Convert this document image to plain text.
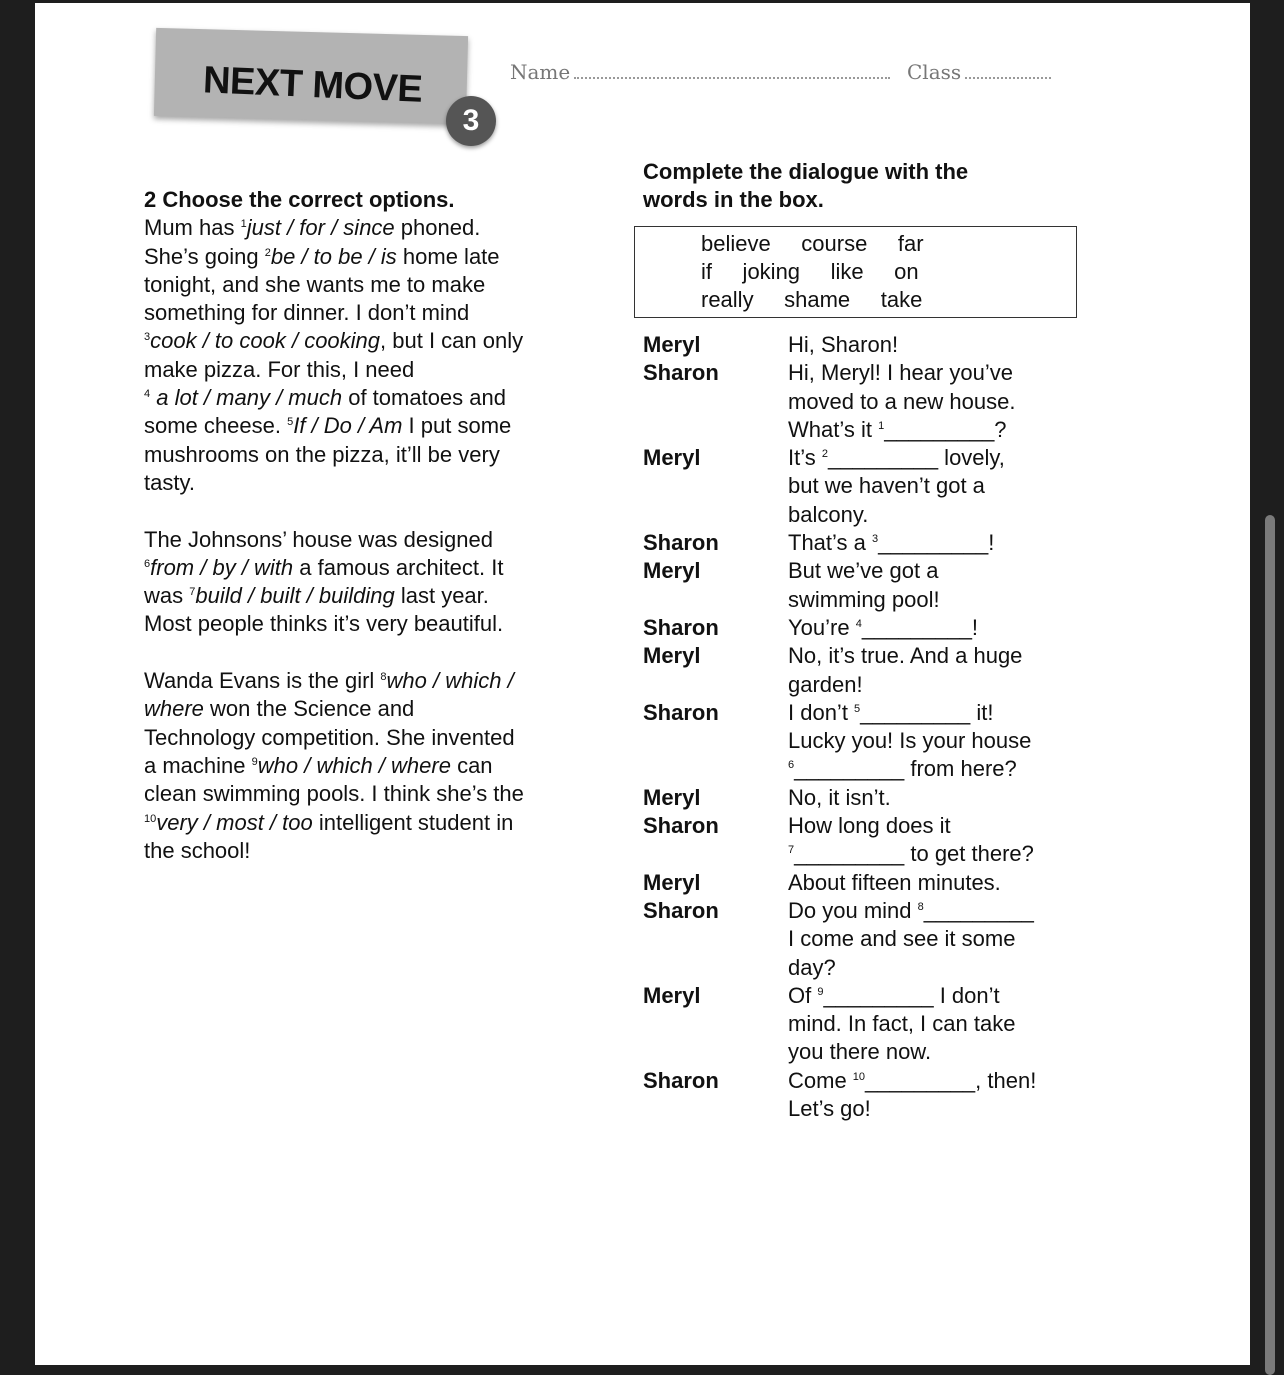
NEXT MOVE
3
Name	Class
2 Choose the correct options.
Mum has $^1$just / for / since phoned.
She’s going $^2$be / to be / is home late
tonight, and she wants me to make
something for dinner. I don’t mind
$^3$cook / to cook / cooking, but I can only
make pizza. For this, I need
$^4$ a lot / many / much of tomatoes and
some cheese. $^5$If / Do / Am I put some
mushrooms on the pizza, it’ll be very
tasty.
The Johnsons’ house was designed
$^6$from / by / with a famous architect. It
was $^7$build / built / building last year.
Most people thinks it’s very beautiful.
Wanda Evans is the girl $^8$who / which /
where won the Science and
Technology competition. She invented
a machine $^9$who / which / where can
clean swimming pools. I think she’s the
$^{10}$very / most / too intelligent student in
the school!
Complete the dialogue with the
words in the box.
believe     course     far
if     joking     like     on
really     shame     take
Meryl	Hi, Sharon!
Sharon	Hi, Meryl! I hear you’ve
moved to a new house.
What’s it $^1$_________?
Meryl	It’s $^2$_________ lovely,
but we haven’t got a
balcony.
Sharon	That’s a $^3$_________!
Meryl	But we’ve got a
swimming pool!
Sharon	You’re $^4$_________!
Meryl	No, it’s true. And a huge
garden!
Sharon	I don’t $^5$_________ it!
Lucky you! Is your house
$^6$_________ from here?
Meryl	No, it isn’t.
Sharon	How long does it
$^7$_________ to get there?
Meryl	About fifteen minutes.
Sharon	Do you mind $^8$_________
I come and see it some
day?
Meryl	Of $^9$_________ I don’t
mind. In fact, I can take
you there now.
Sharon	Come $^{10}$_________, then!
Let’s go!
